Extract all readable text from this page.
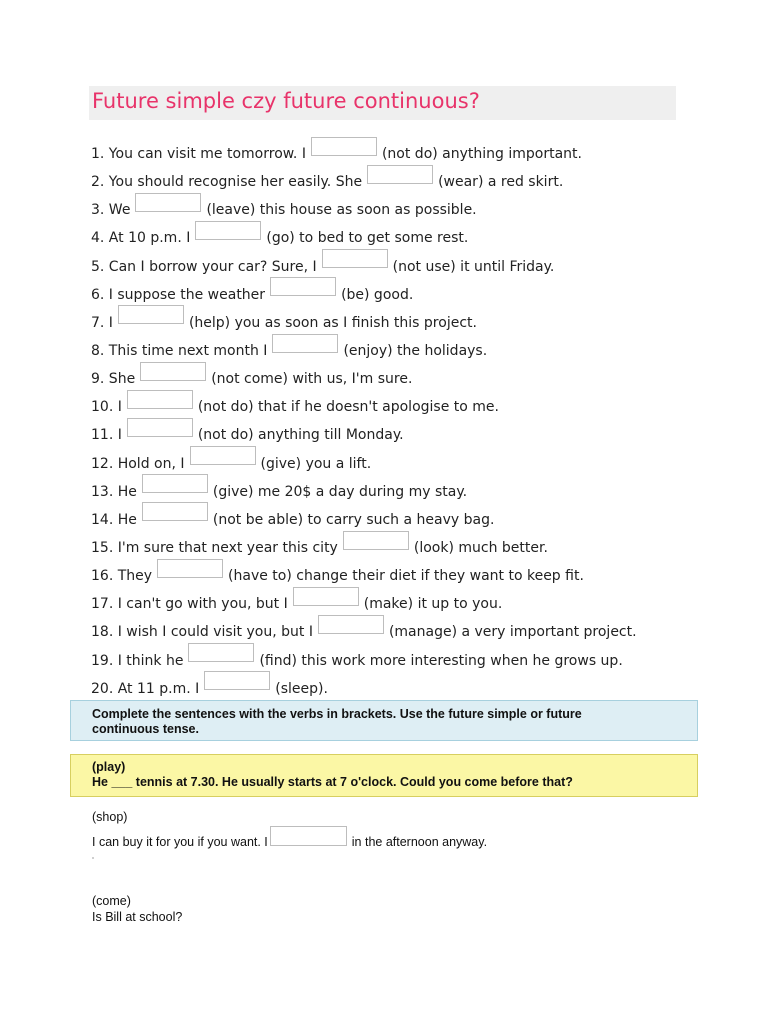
Future simple czy future continuous?
1. You can visit me tomorrow. I	(not do) anything important.
2. You should recognise her easily. She	(wear) a red skirt.
3. We	(leave) this house as soon as possible.
4. At 10 p.m. I	(go) to bed to get some rest.
5. Can I borrow your car? Sure, I	(not use) it until Friday.
6. I suppose the weather	(be) good.
7. I	(help) you as soon as I finish this project.
8. This time next month I	(enjoy) the holidays.
9. She	(not come) with us, I'm sure.
10. I	(not do) that if he doesn't apologise to me.
11. I	(not do) anything till Monday.
12. Hold on, I	(give) you a lift.
13. He	(give) me 20$ a day during my stay.
14. He	(not be able) to carry such a heavy bag.
15. I'm sure that next year this city	(look) much better.
16. They	(have to) change their diet if they want to keep fit.
17. I can't go with you, but I	(make) it up to you.
18. I wish I could visit you, but I	(manage) a very important project.
19. I think he	(find) this work more interesting when he grows up.
20. At 11 p.m. I	(sleep).

Complete the sentences with the verbs in brackets. Use the future simple or future continuous tense.

(play)

He ___ tennis at 7.30. He usually starts at 7 o'clock. Could you come before that?

(shop)

I can buy it for you if you want. I	in the afternoon anyway.

(come)

Is Bill at school?
